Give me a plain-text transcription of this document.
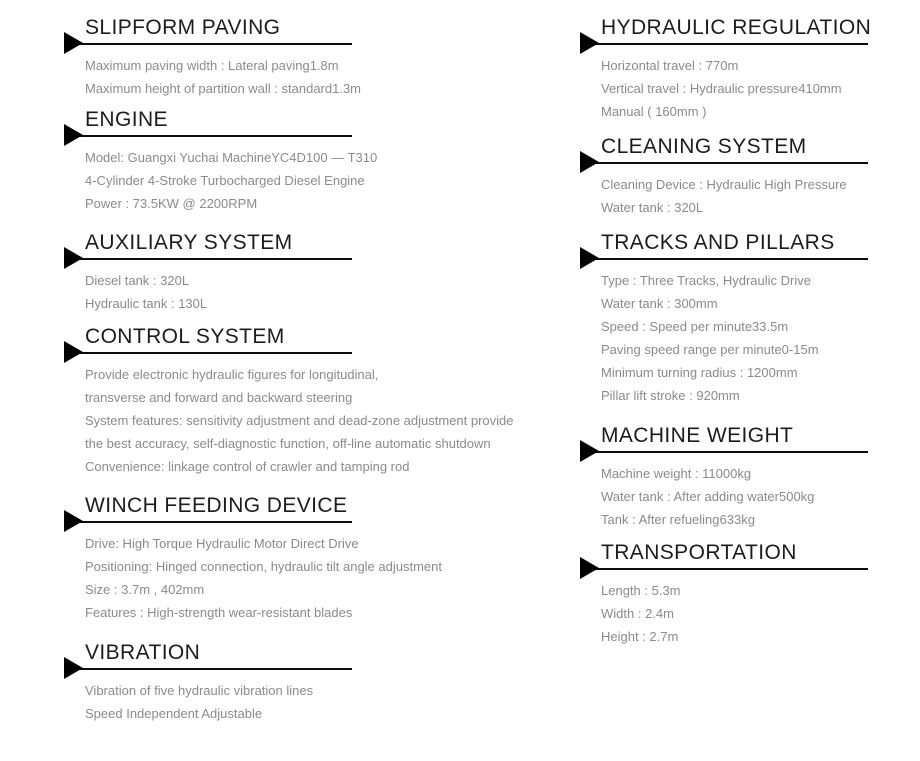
SLIPFORM PAVING
Maximum paving width : Lateral paving1.8m
Maximum height of partition wall : standard1.3m
ENGINE
Model: Guangxi Yuchai MachineYC4D100 — T310
4-Cylinder 4-Stroke Turbocharged Diesel Engine
Power : 73.5KW @ 2200RPM
AUXILIARY SYSTEM
Diesel tank : 320L
Hydraulic tank : 130L
CONTROL SYSTEM
Provide electronic hydraulic figures for longitudinal,
transverse and forward and backward steering
System features: sensitivity adjustment and dead-zone adjustment provide
the best accuracy, self-diagnostic function, off-line automatic shutdown
Convenience: linkage control of crawler and tamping rod
WINCH FEEDING DEVICE
Drive: High Torque Hydraulic Motor Direct Drive
Positioning: Hinged connection, hydraulic tilt angle adjustment
Size : 3.7m , 402mm
Features : High-strength wear-resistant blades
VIBRATION
Vibration of five hydraulic vibration lines
Speed Independent Adjustable
HYDRAULIC REGULATION
Horizontal travel : 770m
Vertical travel : Hydraulic pressure410mm
Manual ( 160mm )
CLEANING SYSTEM
Cleaning Device : Hydraulic High Pressure
Water tank : 320L
TRACKS AND PILLARS
Type : Three Tracks, Hydraulic Drive
Water tank : 300mm
Speed : Speed per minute33.5m
Paving speed range per minute0-15m
Minimum turning radius : 1200mm
Pillar lift stroke : 920mm
MACHINE WEIGHT
Machine weight : 11000kg
Water tank : After adding water500kg
Tank : After refueling633kg
TRANSPORTATION
Length : 5.3m
Width : 2.4m
Height : 2.7m
